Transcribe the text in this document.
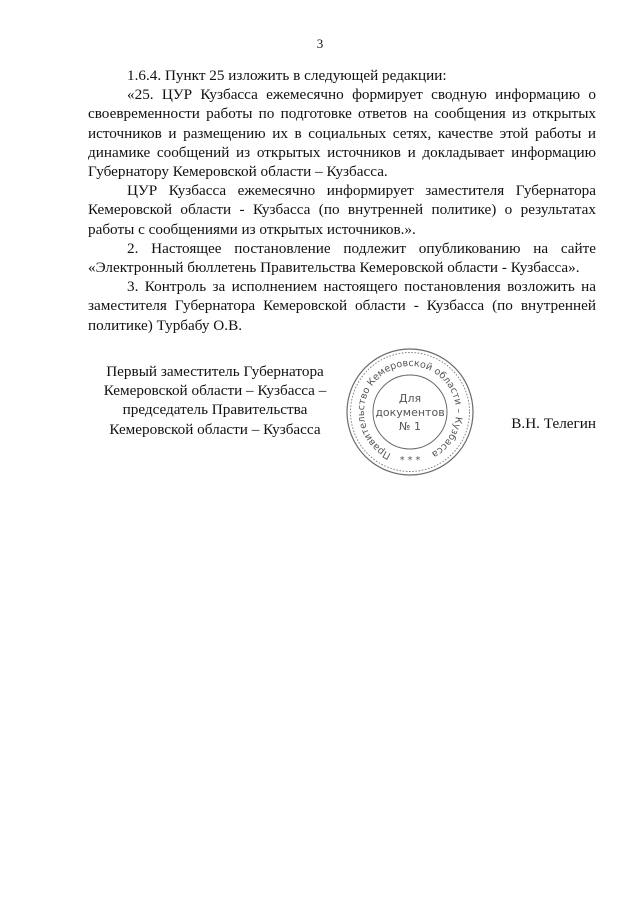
3

1.6.4. Пункт 25 изложить в следующей редакции:

«25. ЦУР Кузбасса ежемесячно формирует сводную информацию о своевременности работы по подготовке ответов на сообщения из открытых источников и размещению их в социальных сетях, качестве этой работы и динамике сообщений из открытых источников и докладывает информацию Губернатору Кемеровской области – Кузбасса.

ЦУР Кузбасса ежемесячно информирует заместителя Губернатора Кемеровской области - Кузбасса (по внутренней политике) о результатах работы с сообщениями из открытых источников.».

2. Настоящее постановление подлежит опубликованию на сайте «Электронный бюллетень Правительства Кемеровской области - Кузбасса».

3. Контроль за исполнением настоящего постановления возложить на заместителя Губернатора Кемеровской области - Кузбасса (по внутренней политике) Турбабу О.В.

Первый заместитель Губернатора
Кемеровской области – Кузбасса –
председатель Правительства
Кемеровской области – Кузбасса
Правительство Кемеровской области – Кузбасса
Для
документов
№ 1
* * *
В.Н. Телегин
